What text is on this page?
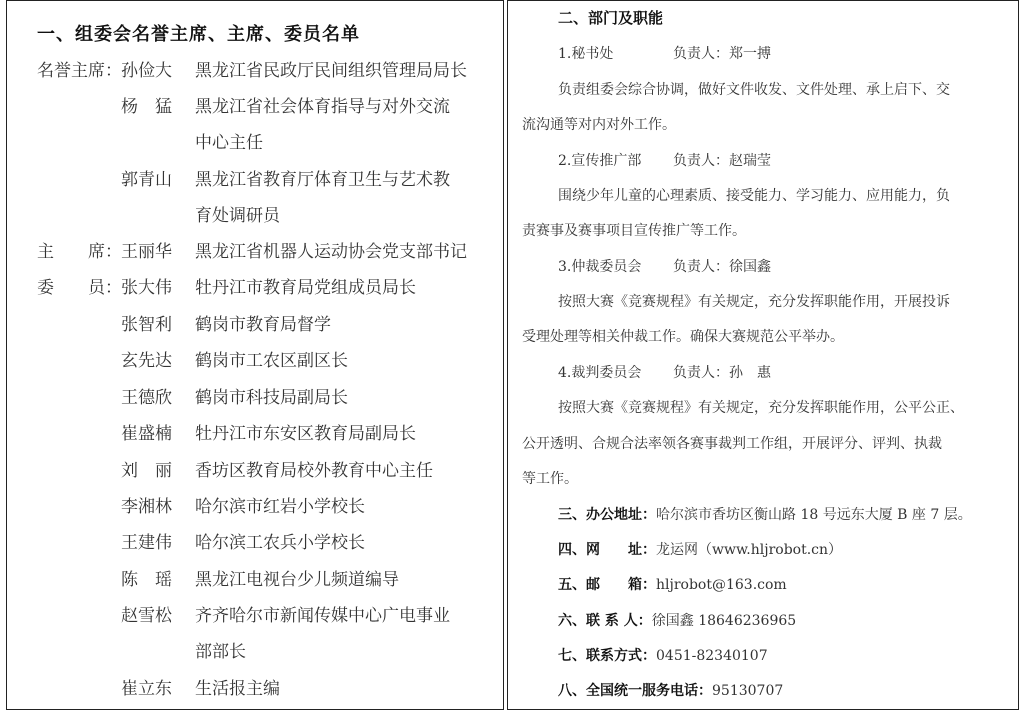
一、组委会名誉主席、主席、委员名单
名誉主席： 孙俭大 黑龙江省民政厅民间组织管理局局长
杨　猛 黑龙江省社会体育指导与对外交流
中心主任
郭青山 黑龙江省教育厅体育卫生与艺术教
育处调研员
主　　席： 王丽华 黑龙江省机器人运动协会党支部书记
委　　员： 张大伟 牡丹江市教育局党组成员局长
张智利 鹤岗市教育局督学
玄先达 鹤岗市工农区副区长
王德欣 鹤岗市科技局副局长
崔盛楠 牡丹江市东安区教育局副局长
刘　丽 香坊区教育局校外教育中心主任
李湘林 哈尔滨市红岩小学校长
王建伟 哈尔滨工农兵小学校长
陈　瑶 黑龙江电视台少儿频道编导
赵雪松 齐齐哈尔市新闻传媒中心广电事业
部部长
崔立东 生活报主编
二、部门及职能
1.秘书处	负责人：郑一搏

负责组委会综合协调，做好文件收发、文件处理、承上启下、交

流沟通等对内对外工作。

2.宣传推广部 负责人：赵瑞莹

围绕少年儿童的心理素质、接受能力、学习能力、应用能力，负

责赛事及赛事项目宣传推广等工作。

3.仲裁委员会 负责人：徐国鑫

按照大赛《竞赛规程》有关规定，充分发挥职能作用，开展投诉

受理处理等相关仲裁工作。确保大赛规范公平举办。

4.裁判委员会 负责人：孙　惠

按照大赛《竞赛规程》有关规定，充分发挥职能作用，公平公正、

公开透明、合规合法率领各赛事裁判工作组，开展评分、评判、执裁

等工作。

三、办公地址：哈尔滨市香坊区衡山路 18 号远东大厦 B 座 7 层。
四、网　　址：龙运网（www.hljrobot.cn）
五、邮　　箱：hljrobot@163.com
六、联 系 人：徐国鑫 18646236965
七、联系方式：0451-82340107
八、全国统一服务电话：95130707
